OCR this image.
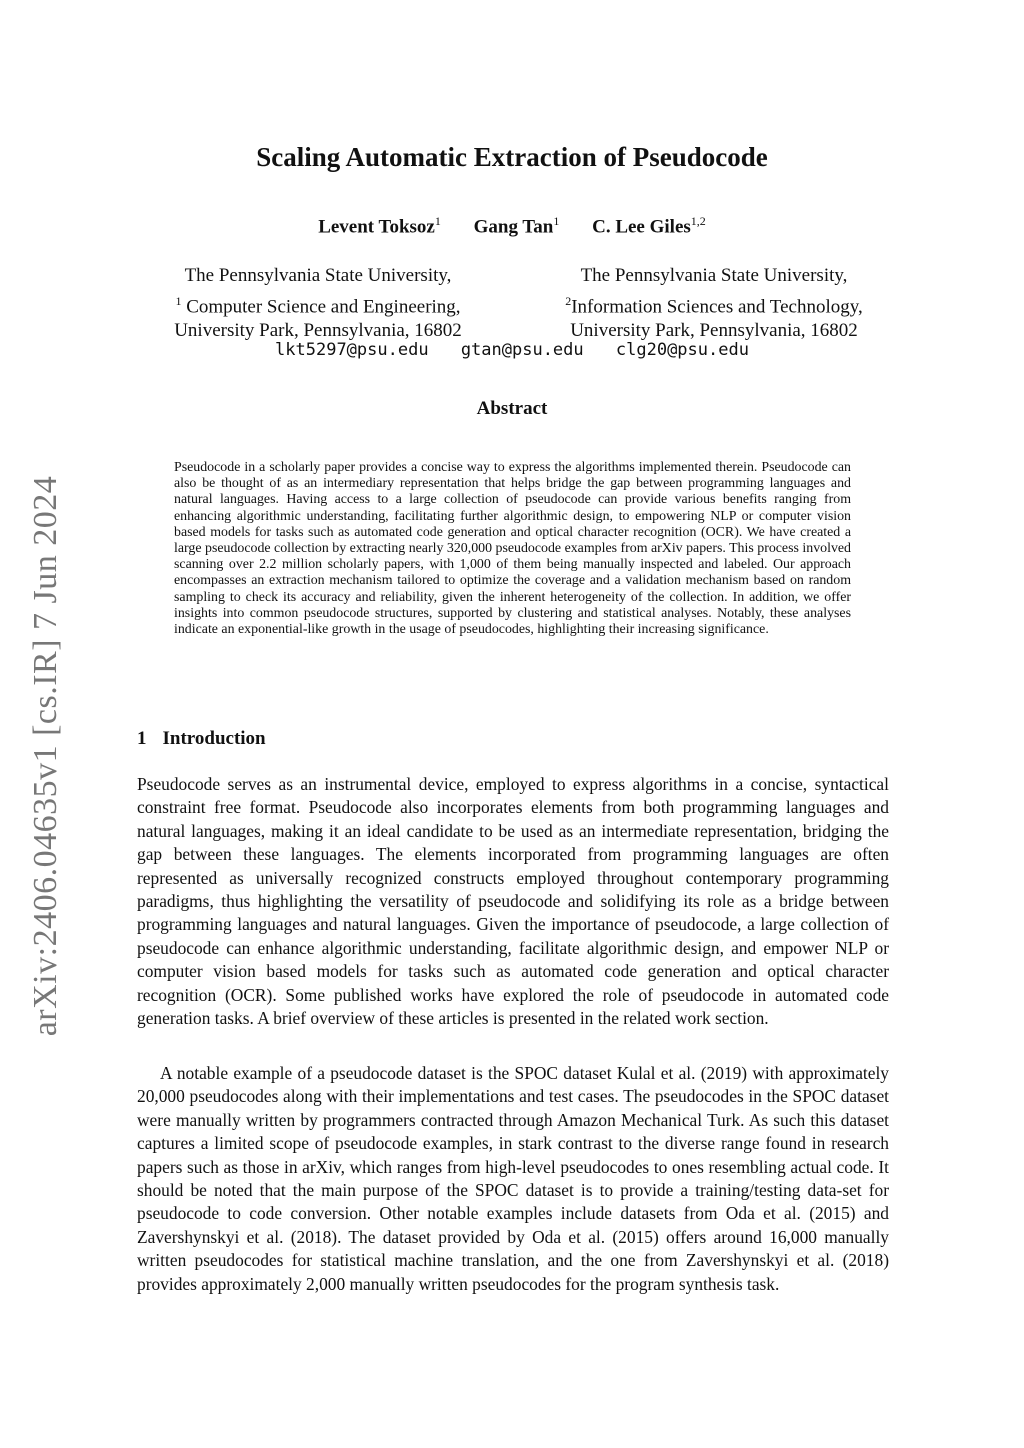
arXiv:2406.04635v1 [cs.IR] 7 Jun 2024
Scaling Automatic Extraction of Pseudocode
Levent Toksoz$^1$ Gang Tan$^1$ C. Lee Giles$^{1,2}$
The Pennsylvania State University,
$^1$ Computer Science and Engineering,
University Park, Pennsylvania, 16802
The Pennsylvania State University,
$^2$Information Sciences and Technology,
University Park, Pennsylvania, 16802
lkt5297@psu.edu gtan@psu.edu clg20@psu.edu
Abstract
Pseudocode in a scholarly paper provides a concise way to express the algorithms implemented therein. Pseudocode can also be thought of as an intermediary representation that helps bridge the gap between programming languages and natural languages. Having access to a large collection of pseudocode can provide various benefits ranging from enhancing algorithmic understanding, facilitating further algorithmic design, to empowering NLP or computer vision based models for tasks such as automated code generation and optical character recognition (OCR). We have created a large pseudocode collection by extracting nearly 320,000 pseudocode examples from arXiv papers. This process involved scanning over 2.2 million scholarly papers, with 1,000 of them being manually inspected and labeled. Our approach encompasses an extraction mechanism tailored to optimize the coverage and a validation mechanism based on random sampling to check its accuracy and reliability, given the inherent heterogeneity of the collection. In addition, we offer insights into common pseudocode structures, supported by clustering and statistical analyses. Notably, these analyses indicate an exponential-like growth in the usage of pseudocodes, highlighting their increasing significance.
1 Introduction
Pseudocode serves as an instrumental device, employed to express algorithms in a concise, syntactical constraint free format. Pseudocode also incorporates elements from both programming languages and natural languages, making it an ideal candidate to be used as an intermediate representation, bridging the gap between these languages. The elements incorporated from programming languages are often represented as universally recognized constructs employed throughout contemporary programming paradigms, thus highlighting the versatility of pseudocode and solidifying its role as a bridge between programming languages and natural languages. Given the importance of pseudocode, a large collection of pseudocode can enhance algorithmic understanding, facilitate algorithmic design, and empower NLP or computer vision based models for tasks such as automated code generation and optical character recognition (OCR). Some published works have explored the role of pseudocode in automated code generation tasks. A brief overview of these articles is presented in the related work section.
A notable example of a pseudocode dataset is the SPOC dataset Kulal et al. (2019) with approximately 20,000 pseudocodes along with their implementations and test cases. The pseudocodes in the SPOC dataset were manually written by programmers contracted through Amazon Mechanical Turk. As such this dataset captures a limited scope of pseudocode examples, in stark contrast to the diverse range found in research papers such as those in arXiv, which ranges from high-level pseudocodes to ones resembling actual code. It should be noted that the main purpose of the SPOC dataset is to provide a training/testing data-set for pseudocode to code conversion. Other notable examples include datasets from Oda et al. (2015) and Zavershynskyi et al. (2018). The dataset provided by Oda et al. (2015) offers around 16,000 manually written pseudocodes for statistical machine translation, and the one from Zavershynskyi et al. (2018) provides approximately 2,000 manually written pseudocodes for the program synthesis task.
